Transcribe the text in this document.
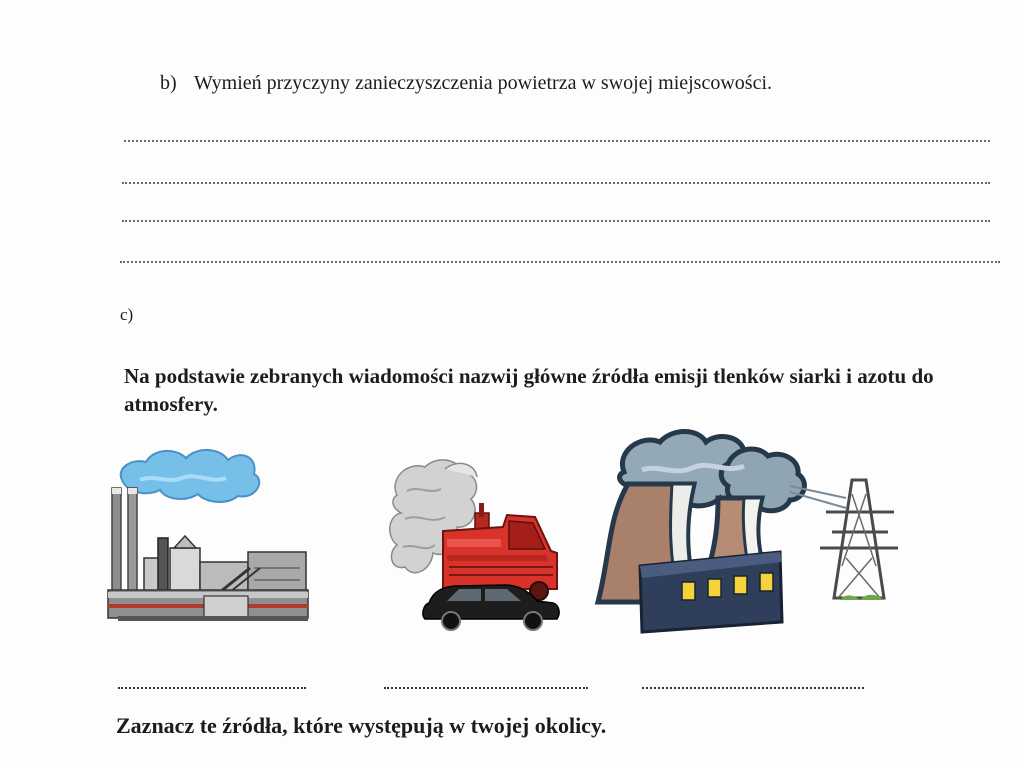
b) Wymień przyczyny zanieczyszczenia powietrza w swojej miejscowości.
c)
Na podstawie zebranych wiadomości nazwij główne źródła emisji tlenków siarki i azotu do atmosfery.
Zaznacz te źródła, które występują w twojej okolicy.
